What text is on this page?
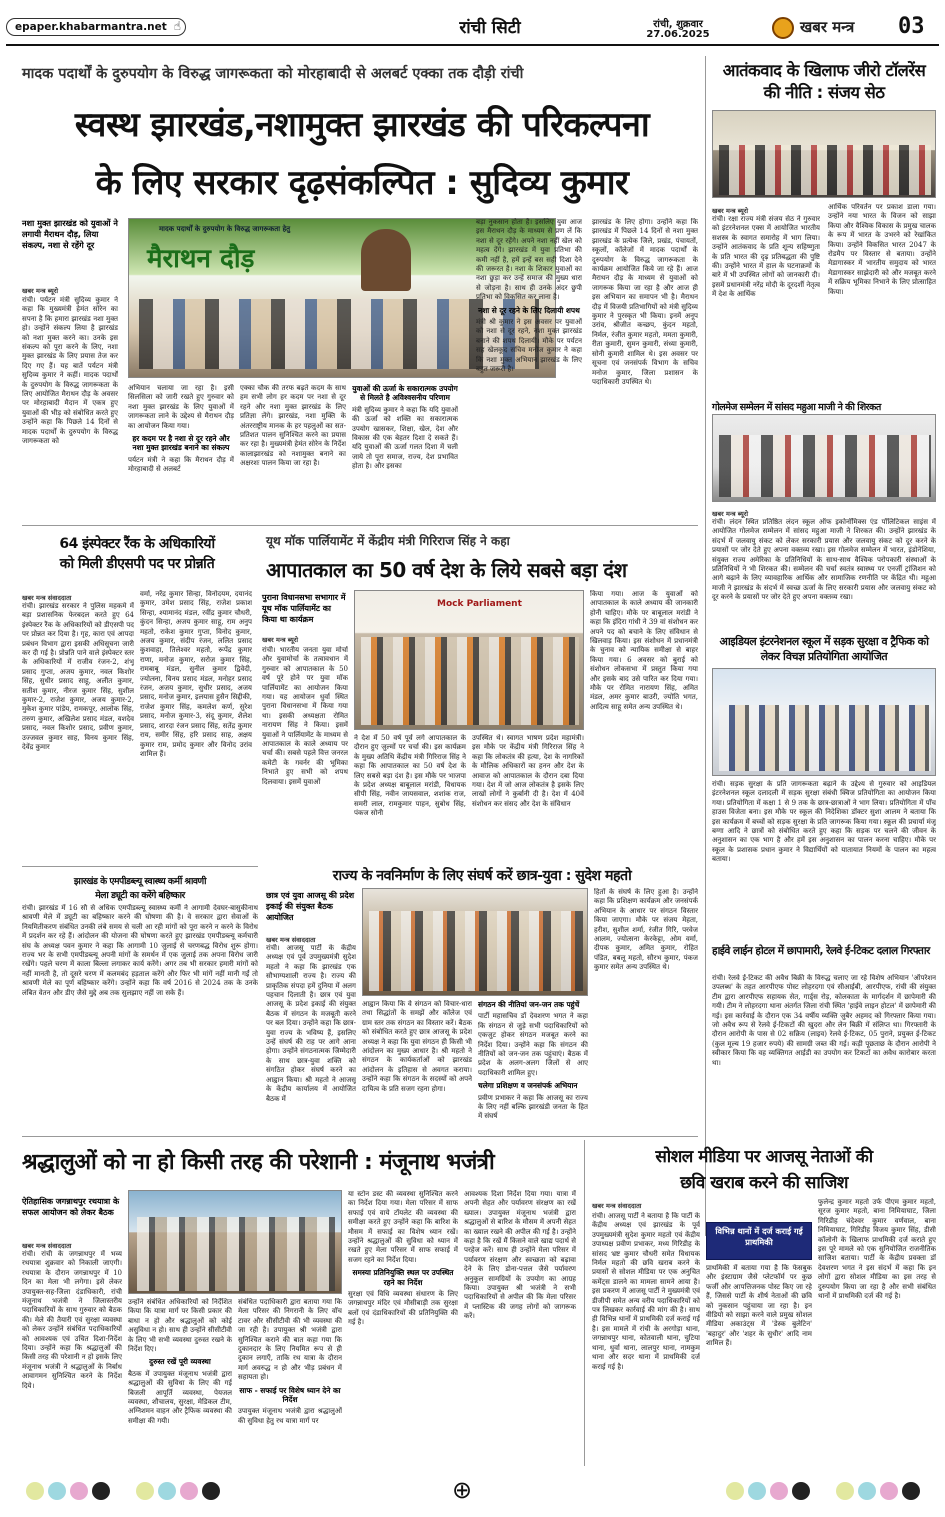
epaper.khabarmantra.net ☝	रांची सिटी	रांची, शुक्रवार
27.06.2025	खबर मन्त्र 03
मादक पदार्थों के दुरुपयोग के विरुद्ध जागरूकता को मोरहाबादी से अलबर्ट एक्का तक दौड़ी रांची
स्वस्थ झारखंड,नशामुक्त झारखंड की परिकल्पना
के लिए सरकार दृढ़संकल्पित : सुदिव्य कुमार
नशा मुक्त झारखंड को युवाओं ने लगायी मैराथन दौड़, लिया संकल्प, नशा से रहेंगे दूर
खबर मन्त्र ब्यूरो

रांची। पर्यटन मंत्री सुदिव्य कुमार ने कहा कि मुख्यमंत्री हेमंत सोरेन का सपना है कि हमारा झारखंड नशा मुक्त हो। उन्होंने संकल्प लिया है झारखंड को नशा मुक्त करने का। उनके इस संकल्प को पूरा करने के लिए, नशा मुक्त झारखंड के लिए प्रयास तेज कर दिए गए हैं। यह बातें पर्यटन मंत्री सुदिव्य कुमार ने कहीं। मादक पदार्थों के दुरुपयोग के विरुद्ध जागरूकता के लिए आयोजित मैराथन दौड़ के अवसर पर मोरहाबादी मैदान में एकत्र हुए युवाओं की भीड़ को संबोधित करते हुए उन्होंने कहा कि पिछले 14 दिनों से मादक पदार्थों के दुरुपयोग के विरुद्ध जागरूकता को

मादक पदार्थों के दुरुपयोग के विरुद्ध जागरूकता हेतु
मैराथन दौड़

अभियान चलाया जा रहा है। इसी सिलसिला को जारी रखते हुए गुरुवार को नशा मुक्त झारखंड के लिए युवाओं में जागरूकता लाने के उद्देश्य से मैराथन दौड़ का आयोजन किया गया।

हर कदम पर है नशा से दूर रहने और नशा मुक्त झारखंड बनाने का संकल्प

पर्यटन मंत्री ने कहा कि मैराथन दौड़ में मोरहाबादी से अलबर्ट

एक्का चौक की तरफ बढ़ते कदम के साथ हम सभी लोग हर कदम पर नशा से दूर रहने और नशा मुक्त झारखंड के लिए प्रतिज्ञा लेंगे। झारखंड, नशा मुक्ति के अंतरराष्ट्रीय मानक के हर पहलुओं का सत-प्रतिशत पालन सुनिश्चित करने का प्रयास कर रहा है। मुख्यमंत्री हेमंत सोरेन के निर्देश कालाझारखंड को नशामुक्त बनाने का अक्षरशः पालन किया जा रहा है।

युवाओं की ऊर्जा के सकारात्मक उपयोग से मिलते है अविश्वसनीय परिणाम

मंत्री सुदिव्य कुमार ने कहा कि यदि युवाओं की ऊर्जा को शक्ति का सकारात्मक उपयोग खासकर, शिक्षा, खेल, देश और विकास की एक बेहतर दिशा दे सकते हैं। यदि युवाओं की ऊर्जा गलत दिशा में चली जाये तो पूरा समाज, राज्य, देश प्रभावित होता है। और इसका

बड़ा नुकसान होता है। इसलिए युवा आज इस मैराथन दौड़ के माध्यम से प्रण लें कि नशा से दूर रहेंगे। अपने नशा नहीं खेल को महत्व देंगे। झारखंड में युवा प्रतिभा की कमी नहीं है, हमें इन्हें बस सही दिशा देने की जरूरत है। नशा के शिकार युवाओं का नशा छुड़ा कर उन्हें समाज की मुख्य धारा से जोड़ना है। साथ ही उनके अंदर छुपी प्रतिभा को विकसित कर लाना है।

नशा से दूर रहने के लिए दिलायी शपथ

मंत्री श्री कुमार ने इस अवसर पर युवाओं को नशा से दूर रहने, नशा मुक्त झारखंड बनाने की शपथ दिलायी। मौके पर पर्यटन सह खेलकूद सचिव मनोज कुमार ने कहा कि नशा मुक्त अभियान झारखंड के लिए बहुत जरूरी है।

झारखंड के लिए होगा। उन्होंने कहा कि झारखंड में पिछले 14 दिनों से नशा मुक्त झारखंड के प्रत्येक जिले, प्रखंड, पंचायतों, स्कूलों, कॉलेजों में मादक पदार्थों के दुरुपयोग के विरुद्ध जागरूकता के कार्यक्रम आयोजित किये जा रहे हैं। आज मैराथन दौड़ के माध्यम से युवाओं को जागरूक किया जा रहा है और आज ही इस अभियान का समापन भी है। मैराथन दौड़ में विजयी प्रतिभागियों को मंत्री सुदिव्य कुमार ने पुरस्कृत भी किया। इनमें अनूप उरांव, श्रीजीत कच्छप, कुंदन महतो, निर्मल, रंजीत कुमार महतो, ममता कुमारी, रीता कुमारी, सुमन कुमारी, संध्या कुमारी, सोनी कुमारी शामिल थे। इस अवसर पर सूचना एवं जनसंपर्क विभाग के सचिव मनोज कुमार, जिला प्रशासन के पदाधिकारी उपस्थित थे।

आतंकवाद के खिलाफ जीरो टॉलरेंस की नीति : संजय सेठ
खबर मन्त्र ब्यूरो

रांची। रक्षा राज्य मंत्री संजय सेठ ने गुरुवार को इंटरनेशनल एक्स में आयोजित भारतीय सशस्त्र के स्वागत समारोह में भाग लिया। उन्होंने आतंकवाद के प्रति शून्य सहिष्णुता के प्रति भारत की दृढ़ प्रतिबद्धता की पुष्टि की। उन्होंने भारत में हाल के घटनाक्रमों के बारे में भी उपस्थित लोगों को जानकारी दी। इसमें प्रधानमंत्री नरेंद्र मोदी के दूरदर्शी नेतृत्व में देश के आर्थिक

आर्थिक परिवर्तन पर प्रकाश डाला गया। उन्होंने नया भारत के विजन को साझा किया और वैश्विक विकास के प्रमुख चालक के रूप में भारत के उभरने को रेखांकित किया। उन्होंने विकसित भारत 2047 के रोडमैप पर विस्तार से बताया। उन्होंने मेडागास्कर में भारतीय समुदाय को भारत मेडागास्कर साझेदारी को और मजबूत करने में सक्रिय भूमिका निभाने के लिए प्रोत्साहित किया।

गोलमेज सम्मेलन में सांसद महुआ माजी ने की शिरकत
खबर मन्त्र ब्यूरो

रांची। लंदन स्थित प्रतिष्ठित लंदन स्कूल ऑफ इकोनॉमिक्स एंड पॉलिटिकल साइंस में आयोजित गोलमेज सम्मेलन में सांसद महुआ माजी ने शिरकत की। उन्होंने झारखंड के संदर्भ में जलवायु संकट को लेकर सरकारी प्रयास और जलवायु संकट को दूर करने के प्रयासों पर जोर देते हुए अपना वक्तव्य रखा। इस गोलमेज सम्मेलन में भारत, इंडोनेशिया, संयुक्त राज्य अमेरिका के प्रतिनिधियों के साथ-साथ वैश्विक परोपकारी संस्थाओं के प्रतिनिधियों ने भी शिरकत की। सम्मेलन की चर्चा स्वतंत्र स्वास्थ्य पर एनर्जी ट्रांजिशन को आगे बढ़ाने के लिए व्यावहारिक आर्थिक और सामाजिक रणनीति पर केंद्रित थी। महुआ माजी ने झारखंड के संदर्भ में स्वच्छ ऊर्जा के लिए सरकारी प्रयास और जलवायु संकट को दूर करने के प्रयासों पर जोर देते हुए अपना वक्तव्य रखा।

आइडियल इंटरनेशनल स्कूल में सड़क सुरक्षा व ट्रैफिक को लेकर विचज्ञ प्रतियोगिता आयोजित

रांची। सड़क सुरक्षा के प्रति जागरूकता बढ़ाने के उद्देश्य से गुरुवार को आइडियल इंटरनेशनल स्कूल दलादली में सड़क सुरक्षा संबंधी क्विज प्रतियोगिता का आयोजन किया गया। प्रतियोगिता में कक्षा 1 से 9 तक के छात्र-छात्राओं ने भाग लिया। प्रतियोगिता में पाँच हाउस विजेता बना। इस मौके पर स्कूल की निदेशिका डॉक्टर सुशा आलम ने बताया कि इस कार्यक्रम में बच्चों को सड़क सुरक्षा के प्रति जागरूक किया गया। स्कूल की प्रचार्या मंजू बग्गा आदि ने छात्रों को संबोधित करते हुए कहा कि सड़क पर चलने की जीवन के अनुशासन का एक भाग है और हमें इस अनुशासन का पालन करना चाहिए। मौके पर स्कूल के प्रशासक प्रधान कुमार ने विद्यार्थियों को यातायात नियमों के पालन का महत्व बताया।

हाईवे लाईन होटल में छापामारी, रेलवे ई-टिकट दलाल गिरफ्तार

रांची। रेलवे ई-टिकट की अवैध बिक्री के विरुद्ध चलाए जा रहे विशेष अभियान 'ऑपरेशन उपलब्ध' के तहत आरपीएफ पोस्ट लोहरदगा एवं सीआईबी, आरपीएफ, रांची की संयुक्त टीम द्वारा आरपीएफ सहायक सेत, गार्ड्स रोड़, कोलकाता के मार्गदर्शन में छापेमारी की गयी। टीम ने लोहरदगा थाना अंतर्गत जिला रांची स्थित 'हाईवे लाइन होटल' में छापेमारी की गई। इस कार्रवाई के दौरान एक 34 वर्षीय व्यक्ति जुबैर अहमद को गिरफ्तार किया गया। जो अवैध रूप से रेलवे ई-टिकटों की खुदरा और लेन बिक्री में संलिप्त था। गिरफ्तारी के दौरान आरोपी के पास से 02 सक्रिय (लाइव) रेलवे ई-टिकट, 05 पुराने, प्रयुक्त ई-टिकट (कुल मूल्य 19 हजार रुपये) की सामग्री जब्त की गई। कड़ी पूछताछ के दौरान आरोपी ने स्वीकार किया कि वह व्यक्तिगत आईडी का उपयोग कर टिकटों का अवैध कारोबार करता था।

64 इंस्पेक्टर रैंक के अधिकारियों
को मिली डीएसपी पद पर प्रोन्नति
खबर मन्त्र संवाददाता

रांची। झारखंड सरकार ने पुलिस महकमे में बड़ा प्रशासनिक फेरबदल करते हुए 64 इंस्पेक्टर रैंक के अधिकारियों को डीएसपी पद पर प्रोन्नत कर दिया है। गृह, कारा एवं आपदा प्रबंधन विभाग द्वारा इसकी अधिसूचना जारी कर दी गई है। प्रोन्नति पाने वाले इंस्पेक्टर स्तर के अधिकारियों में राजीव रंजन-2, शंभू प्रसाद गुप्ता, अजय कुमार, नवल किशोर सिंह, सुधीर प्रसाद साहू, अलीत कुमार, सतीश कुमार, नीरज कुमार सिंह, सुशील कुमार-2, राजेश कुमार, अजय कुमार-2, मुकेश कुमार पांडेय, रामकपूर, आलोक सिंह, तरुण कुमार, अखिलेश प्रसाद मंडल, वशदेव प्रसाद, नवल किशोर प्रसाद, प्रवीण कुमार, उज्जवल कुमार साह, विनय कुमार सिंह, देवेंद्र कुमार

वर्मा, नरेंद्र कुमार सिन्हा, विनोदयम, दयानंद कुमार, उमेश प्रसाद सिंह, राजेश प्रकाश सिन्हा, श्यामानंद मंडल, रवींद्र कुमार चौधरी, कुंदन सिन्हा, अजय कुमार साहू, राम अनुप महतो, राकेश कुमार गुप्ता, विनोद कुमार, अजय कुमार, संदीप रंजन, ललित प्रसाद कुशवाहा, तिलेश्वर महतो, रूपेंद्र कुमार राणा, मनोज कुमार, सरोज कुमार सिंह, रामबाबू मंडल, सुनील कुमार द्विवेदी, ज्योत्स्ना, विनय प्रसाद मंडल, मनोहर प्रसाद रंजन, अजय कुमार, सुधीर प्रसाद, अजय प्रसाद, मनोज कुमार, इलयास हुसैन सिद्दीकी, राजेश कुमार सिंह, कमलेश कर्ण, सुरेश प्रसाद, मनोज कुमार-3, संदू कुमार, शैलेश प्रसाद, शारदा रंजन प्रसाद सिंह, सतेंद्र कुमार राय, समीर सिंह, हरि प्रसाद साह, अक्षय कुमार राम, प्रमोद कुमार और विनोद उरांव शामिल हैं।

यूथ मॉक पार्लियामेंट में केंद्रीय मंत्री गिरिराज सिंह ने कहा
आपातकाल का 50 वर्ष देश के लिये सबसे बड़ा दंश
पुराना विधानसभा सभागार में यूथ मॉक पार्लियामेंट का किया था कार्यक्रम
खबर मन्त्र ब्यूरो

रांची। भारतीय जनता युवा मोर्चा और युवामोर्चा के तत्वावधान में गुरुवार को आपातकाल के 50 वर्ष पूरे होने पर युवा मॉक पार्लियामेंट का आयोजन किया गया। यह आयोजन धुर्वा स्थित पुराना विधानसभा में किया गया था। इसकी अध्यक्षता रोमित नारायण सिंह ने किया। इसमें युवाओं ने पार्लियामेंट के माध्यम से आपातकाल के काले अध्याय पर चर्चा की। सबसे पहले वित्त जनरल कमेटी के गवर्नर की भूमिका निभाते हुए सभी को शपथ दिलवाया। इसमें युवाओं

Mock Parliament

ने देश में 50 वर्ष पूर्व लगे आपातकाल के दौरान हुए जुल्मों पर चर्चा की। इस कार्यक्रम के मुख्य अतिथि केंद्रीय मंत्री गिरिराज सिंह ने कहा कि आपातकाल का 50 वर्ष देश के लिए सबसे बड़ा दंश है। इस मौके पर भाजपा के प्रदेश अध्यक्ष बाबूलाल मरांडी, विधायक सीपी सिंह, नवीन जायसवाल, शशांक राज, समरी लाल, रामकुमार पाहन, सुबोध सिंह, पंकज सोनी

उपस्थित थे। स्वागत भाषण प्रदेश महामंत्री। इस मौके पर केंद्रीय मंत्री गिरिराज सिंह ने कहा कि लोकतंत्र की हत्या, देश के नागरिकों के मौलिक अधिकारों का हनन और देश के आवाज को आपातकाल के दौरान दबा दिया गया। देश में जो आज लोकतंत्र है इसके लिए लाखों लोगों ने कुर्बानी दी है। देश में 40वें संशोधन कर संसद और देश के संविधान

किया गया। आज के युवाओं को आपातकाल के काले अध्याय की जानकारी होनी चाहिए। मौके पर बाबूलाल मरांडी ने कहा कि इंदिरा गांधी ने 39 वां संशोधन कर अपने पद को बचाने के लिए संविधान से खिलवाड़ किया। इस संशोधन में प्रधानमंत्री के चुनाव को न्यायिक समीक्षा से बाहर किया गया। 6 अवसर को बुराई को संशोधन लोकसभा में प्रस्तुत किया गया और इसके बाद उसे पारित कर दिया गया। मौके पर रोमित नारायण सिंह, अमित मंडल, अमर कुमार बाउरी, ज्योति भगत, आदित्य साहू समेत अन्य उपस्थित थे।

झारखंड के एमपीडब्ल्यू स्वास्थ्य कर्मी श्रावणी
मेला ड्यूटी का करेंगे बहिष्कार

रांची। झारखंड में 16 सौ से अधिक एमपीडब्ल्यू स्वास्थ्य कर्मी ने आगामी देवघर-बासुकीनाथ श्रावणी मेले में ड्यूटी का बहिष्कार करने की घोषणा की है। वे सरकार द्वारा सेवाओं के नियमितीकरण संबंधित उनकी लंबे समय से चली आ रही मांगों को पूरा करने न करने के विरोध में प्रदर्शन कर रहे हैं। आंदोलन की योजना की घोषणा करते हुए झारखंड एमपीडब्ल्यू कर्मचारी संघ के अध्यक्ष पवन कुमार ने कहा कि आगामी 10 जुलाई से चरणबद्ध विरोध शुरू होगा। राज्य भर के सभी एमपीडब्ल्यू अपनी मांगों के समर्थन में एक जुलाई तक अपना विरोध जारी रखेंगे। पहले चरण में काला बिल्ला लगाकर कार्य करेंगे। अगर तब भी सरकार हमारी मांगों को नहीं मानती है, तो दूसरे चरण में कलमबंद हड़ताल करेंगे और फिर भी मांगें नहीं मानी गईं तो श्रावणी मेले का पूर्ण बहिष्कार करेंगे। उन्होंने कहा कि वर्ष 2016 से 2024 तक के उनके लंबित वेतन और डीए जैसे मुद्दे अब तक सुलझाए नहीं जा सके हैं।

राज्य के नवनिर्माण के लिए संघर्ष करें छात्र-युवा : सुदेश महतो
छात्र एवं युवा आजसू की प्रदेश इकाई की संयुक्त बैठक आयोजित
खबर मन्त्र संवाददाता

रांची। आजसू पार्टी के केंद्रीय अध्यक्ष एवं पूर्व उपमुख्यमंत्री सुदेश महतो ने कहा कि झारखंड एक सौभाग्यशाली राज्य है। राज्य की प्राकृतिक संपदा हमें दुनिया में अलग पहचान दिलाती है। छात्र एवं युवा आजसू के प्रदेश इकाई की संयुक्त बैठक में संगठन के मजबूती करने पर बल दिया। उन्होंने कहा कि छात्र-युवा राज्य के भविष्य हैं, इसलिए उन्हें संघर्ष की राह पर आगे आना होगा। उन्होंने संगठनात्मक जिम्मेदारी के साथ छात्र-युवा शक्ति को संगठित होकर संघर्ष करने का आह्वान किया। श्री महतो ने आजसू के केंद्रीय कार्यालय में आयोजित बैठक में

आह्वान किया कि वे संगठन को विचार-धारा तथा सिद्धांतों के समझें और कॉलेज एवं ग्राम स्तर तक संगठन का विस्तार करें। बैठक को संबोधित करते हुए छात्र आजसू के प्रदेश अध्यक्ष ने कहा कि युवा संगठन ही किसी भी आंदोलन का मुख्य आधार है। श्री महतो ने संगठन के कार्यकर्ताओं को झारखंड आंदोलन के इतिहास से अवगत कराया। उन्होंने कहा कि संगठन के सदस्यों को अपने दायित्व के प्रति सजग रहना होगा।

संगठन की नीतियां जन-जन तक पहुंचें

पार्टी महासचिव डॉ देवशरण भगत ने कहा कि संगठन से जुड़े सभी पदाधिकारियों को एकजुट होकर संगठन मजबूत करने का निर्देश दिया। उन्होंने कहा कि संगठन की नीतियों को जन-जन तक पहुंचाएं। बैठक में प्रदेश के अलग-अलग जिलों से आए पदाधिकारी शामिल हुए।

चलेगा प्रशिक्षण व जनसंपर्क अभियान

प्रवीण प्रभाकर ने कहा कि आजसू का राज्य के लिए नहीं बल्कि झारखंडी जनता के हित में संघर्ष

हितों के संघर्ष के लिए हुआ है। उन्होंने कहा कि प्रशिक्षण कार्यक्रम और जनसंपर्क अभियान के आधार पर संगठन विस्तार किया जाएगा। मौके पर संजय मेहता, हरीश, सुशील शर्मा, रंजीत गिरि, परवेज आलम, ज्योत्सना केरकेट्टा, ओम वर्मा, दीपक कुमार, अमित कुमार, रोहित पंडित, बबलू महतो, सौरभ कुमार, पंकज कुमार समेत अन्य उपस्थित थे।

श्रद्धालुओं को ना हो किसी तरह की परेशानी : मंजूनाथ भजंत्री
ऐतिहासिक जगन्नाथपुर रथयात्रा के सफल आयोजन को लेकर बैठक
खबर मन्त्र संवाददाता

रांची। रांची के जगन्नाथपुर में भव्य रथयात्रा शुक्रवार को निकाली जाएगी। रथयात्रा के दौरान जगन्नाथपुर में 10 दिन का मेला भी लगेगा। इसे लेकर उपायुक्त-सह-जिला दंडाधिकारी, रांची मंजूनाथ भजंत्री ने जिलास्तरीय पदाधिकारियों के साथ गुरुवार को बैठक की। मेले की तैयारी एवं सुरक्षा व्यवस्था को लेकर उन्होंने संबंधित पदाधिकारियों को आवश्यक एवं उचित दिशा-निर्देश दिया। उन्होंने कहा कि श्रद्धालुओं की किसी तरह की परेशानी न हो इसके लिए मंजूनाथ भजंत्री ने श्रद्धालुओं के निर्बाध आवागमन सुनिश्चित करने के निर्देश दिये।

उन्होंने संबंधित अधिकारियों को निर्देशित किया कि यात्रा मार्ग पर किसी प्रकार की बाधा न हो और श्रद्धालुओं को कोई असुविधा न हो। साथ ही उन्होंने सीसीटीवी के लिए भी सभी व्यवस्था दुरुस्त रखने के निर्देश दिए।

दुरुस्त रखें पूरी व्यवस्था

बैठक में उपायुक्त मंजूनाथ भजंत्री द्वारा श्रद्धालुओं की सुविधा के लिए की गई बिजली आपूर्ति व्यवस्था, पेयजल व्यवस्था, शौचालय, सुरक्षा, मेडिकल टीम, अग्निशमन वाहन और ट्रैफिक व्यवस्था की समीक्षा की गयी।

संबंधित पदाधिकारी द्वारा बताया गया कि मेला परिसर की निगरानी के लिए वॉच टावर और सीसीटीवी की भी व्यवस्था की जा रही है। उपायुक्त श्री भजंत्री द्वारा सुनिश्चित कराने की बात कहा गया कि दुकानदार के लिए नियमित रूप से ही दुकान लगाएँ, ताकि रथ यात्रा के दौरान मार्ग अवरुद्ध न हो और भीड़ प्रबंधन में सहायता हो।

साफ - सफाई पर विशेष ध्यान देने का निर्देश

उपायुक्त मंजूनाथ भजंत्री द्वारा श्रद्धालुओं की सुविधा हेतु रथ यात्रा मार्ग पर

या स्टोन डस्ट की व्यवस्था सुनिश्चित करने का निर्देश दिया गया। मेला परिसर में साफ सफाई एवं वाये टॉयलेट की व्यवस्था की समीक्षा करते हुए उन्होंने कहा कि बारिश के मौसम में सफाई का विशेष ध्यान रखें। उन्होंने श्रद्धालुओं की सुविधा को ध्यान में रखते हुए मेला परिसर में साफ सफाई में सजग रहने का निर्देश दिया।

समस्या प्रतिनियुक्ति स्थल पर उपस्थित रहने का निर्देश

सुरक्षा एवं विधि व्यवस्था संधारण के लिए जगन्नाथपुर मंदिर एवं मौसीबाड़ी तक सुरक्षा बलों एवं दंडाधिकारियों की प्रतिनियुक्ति की गई है।

आवश्यक दिशा निर्देश दिया गया। यात्रा में अपनी सेहत और पर्यावरण संरक्षण का रखें ख्याल। उपायुक्त मंजूनाथ भजंत्री द्वारा श्रद्धालुओं से बारिश के मौसम में अपनी सेहत का ख्याल रखने की अपील की गई है। उन्होंने कहा है कि रखें मैं किसने वाले खाद्य पदार्थ से परहेज करें। साथ ही उन्होंने मेला परिसर में पर्यावरण संरक्षण और स्वच्छता को बढ़ावा देने के लिए डोना-पत्तल जैसे पर्यावरण अनुकूल सामग्रियों के उपयोग का आग्रह किया। उपायुक्त श्री भजंत्री ने सभी पदाधिकारियों से अपील की कि मेला परिसर में प्लास्टिक की जगह लोगों को जागरूक करें।

सोशल मीडिया पर आजसू नेताओं की
छवि खराब करने की साजिश
खबर मन्त्र संवाददाता

रांची। आजसू पार्टी ने बताया है कि पार्टी के केंद्रीय अध्यक्ष एवं झारखंड के पूर्व उपमुख्यमंत्री सुदेश कुमार महतो एवं केंद्रीय उपाध्यक्ष प्रवीण प्रभाकर, मध्य गिरिडीह के सांसद भ्रष्ट कुमार चौधरी समेत विधायक निर्मल महतो की छवि खराब करने के प्रयासों से सोशल मीडिया पर एक अनुचित कमेंट्स डालने का मामला सामने आया है। इस प्रकरण में आजसू पार्टी ने मुख्यमंत्री एवं डीजीपी समेत अन्य वरीय पदाधिकारियों को पत्र लिखकर कार्रवाई की मांग की है। साथ ही विभिन्न थानों में प्राथमिकी दर्ज कराई गई है। इस मामले में रांची के अरगोड़ा थाना, जगन्नाथपुर थाना, कोतवाली थाना, चुटिया थाना, धुर्वा थाना, लालपुर थाना, नामकुम थाना और सदर थाना में प्राथमिकी दर्ज कराई गई है।

विभिन्न थानों में दर्ज कराई गई प्राथमिकी

प्राथमिकी में बताया गया है कि फेसबुक और इंस्टाग्राम जैसे प्लेटफॉर्म पर कुछ फर्जी और आपत्तिजनक पोस्ट किए जा रहे हैं, जिससे पार्टी के शीर्ष नेताओं की छवि को नुकसान पहुंचाया जा रहा है। इन वीडियो को साझा करने वाले प्रमुख सोशल मीडिया अकाउंट्स में 'डेस्क बुलेटिन' 'बहादुर' और 'शहर के सुधीर' आदि नाम शामिल हैं।

फुलेन्द्र कुमार महतो उर्फ पीएम कुमार महतो, सूरज कुमार महतो, बाना निमियाघाट, जिला गिरिडीह चंदेश्वर कुमार वर्णवाल, बाना निमियाघाट, गिरिडीह विजय कुमार सिंह, डीसी कॉलोनी के खिलाफ प्राथमिकी दर्ज कराते हुए इस पूरे मामले को एक सुनियोजित राजनीतिक साजिश बताया। पार्टी के केंद्रीय प्रवक्ता डॉ देवशरण भगत ने इस संदर्भ में कहा कि इन लोगों द्वारा सोशल मीडिया का इस तरह से दुरुपयोग किया जा रहा है और सभी संबंधित थानों में प्राथमिकी दर्ज की गई है।

⊕
